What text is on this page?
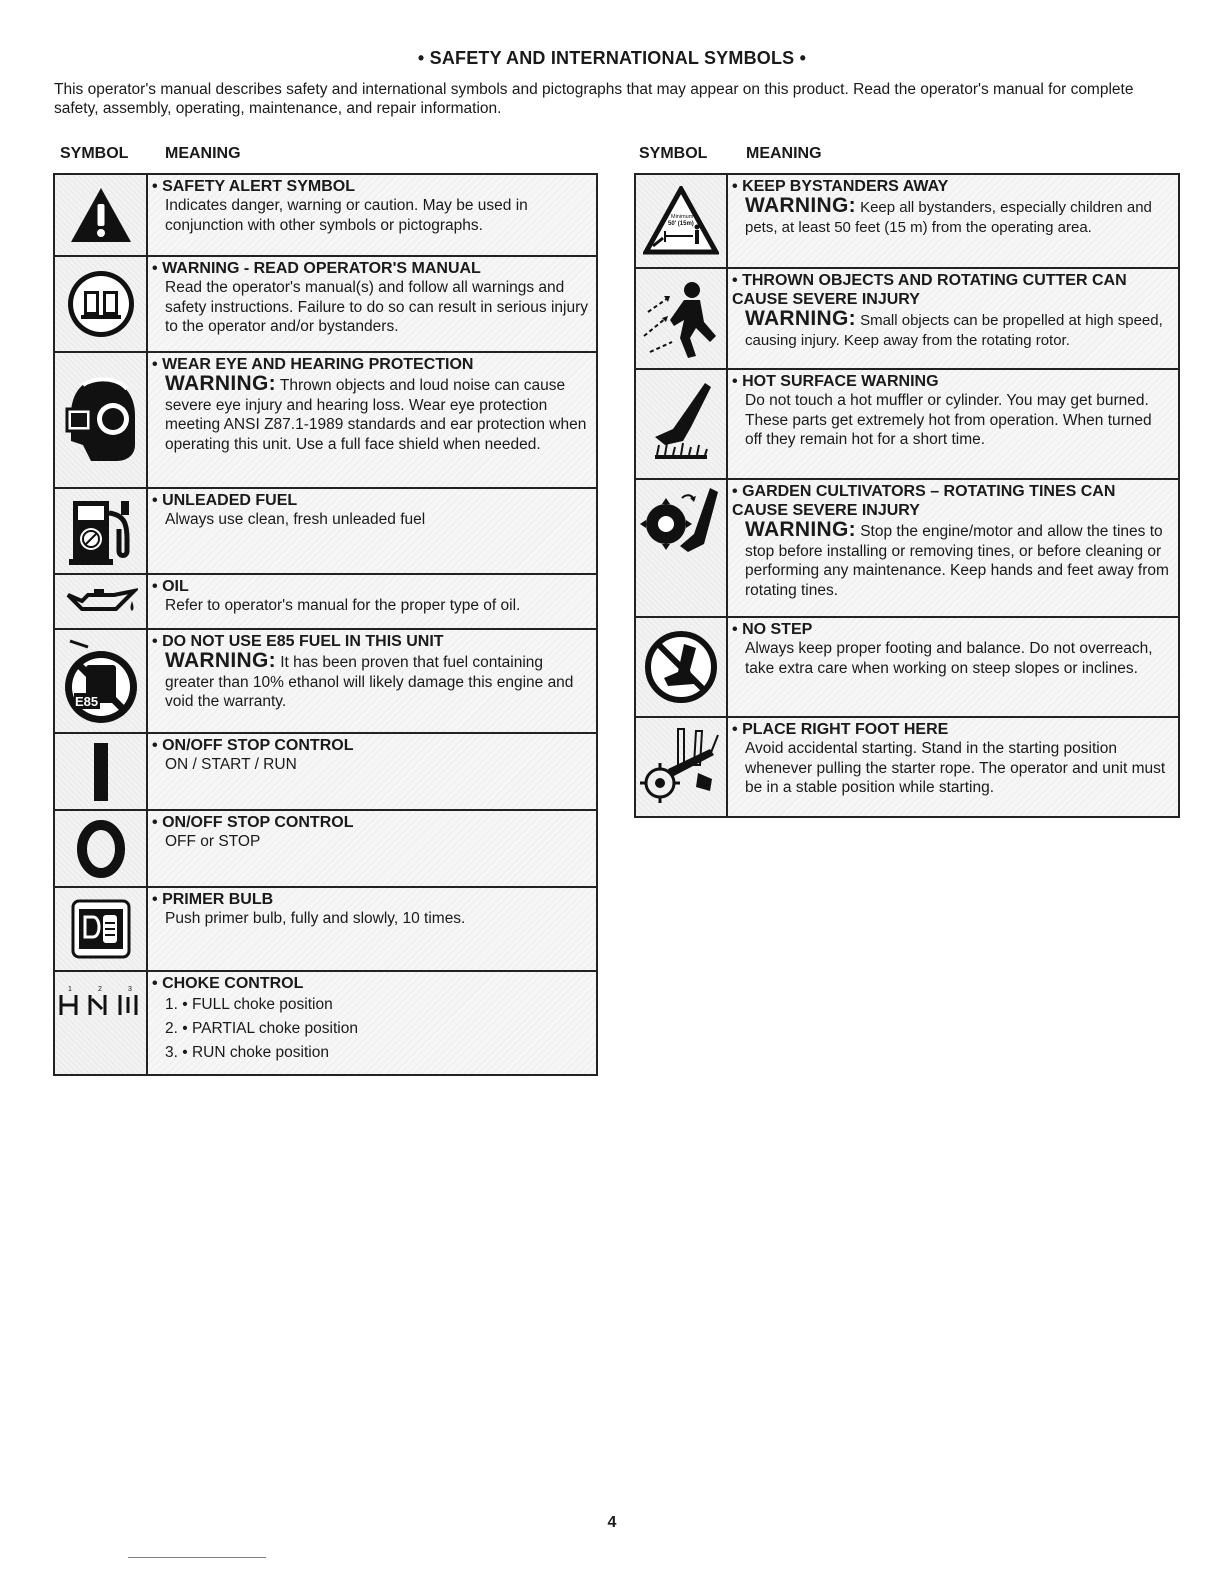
• SAFETY AND INTERNATIONAL SYMBOLS •
This operator's manual describes safety and international symbols and pictographs that may appear on this product. Read the operator's manual for complete safety, assembly, operating, maintenance, and repair information.
SYMBOL MEANING	SYMBOL MEANING
• SAFETY ALERT SYMBOL
Indicates danger, warning or caution. May be used in conjunction with other symbols or pictographs.
• WARNING - READ OPERATOR'S MANUAL
Read the operator's manual(s) and follow all warnings and safety instructions. Failure to do so can result in serious injury to the operator and/or bystanders.
• WEAR EYE AND HEARING PROTECTION
WARNING: Thrown objects and loud noise can cause severe eye injury and hearing loss. Wear eye protection meeting ANSI Z87.1-1989 standards and ear protection when operating this unit. Use a full face shield when needed.
• UNLEADED FUEL
Always use clean, fresh unleaded fuel
• OIL
Refer to operator's manual for the proper type of oil.
E85
• DO NOT USE E85 FUEL IN THIS UNIT
WARNING: It has been proven that fuel containing greater than 10% ethanol will likely damage this engine and void the warranty.
• ON/OFF STOP CONTROL
ON / START / RUN
• ON/OFF STOP CONTROL
OFF or STOP
• PRIMER BULB
Push primer bulb, fully and slowly, 10 times.
1	2	3 • CHOKE CONTROL
1. • FULL choke position
2. • PARTIAL choke position
3. • RUN choke position
Minimum
50' (15m)
• KEEP BYSTANDERS AWAY
WARNING: Keep all bystanders, especially children and pets, at least 50 feet (15 m) from the operating area.
• THROWN OBJECTS AND ROTATING CUTTER CAN CAUSE SEVERE INJURY
WARNING: Small objects can be propelled at high speed, causing injury. Keep away from the rotating rotor.
• HOT SURFACE WARNING
Do not touch a hot muffler or cylinder. You may get burned. These parts get extremely hot from operation. When turned off they remain hot for a short time.
• GARDEN CULTIVATORS – ROTATING TINES CAN CAUSE SEVERE INJURY
WARNING: Stop the engine/motor and allow the tines to stop before installing or removing tines, or before cleaning or performing any maintenance. Keep hands and feet away from rotating tines.
• NO STEP
Always keep proper footing and balance. Do not overreach, take extra care when working on steep slopes or inclines.
• PLACE RIGHT FOOT HERE
Avoid accidental starting. Stand in the starting position whenever pulling the starter rope. The operator and unit must be in a stable position while starting.
4
